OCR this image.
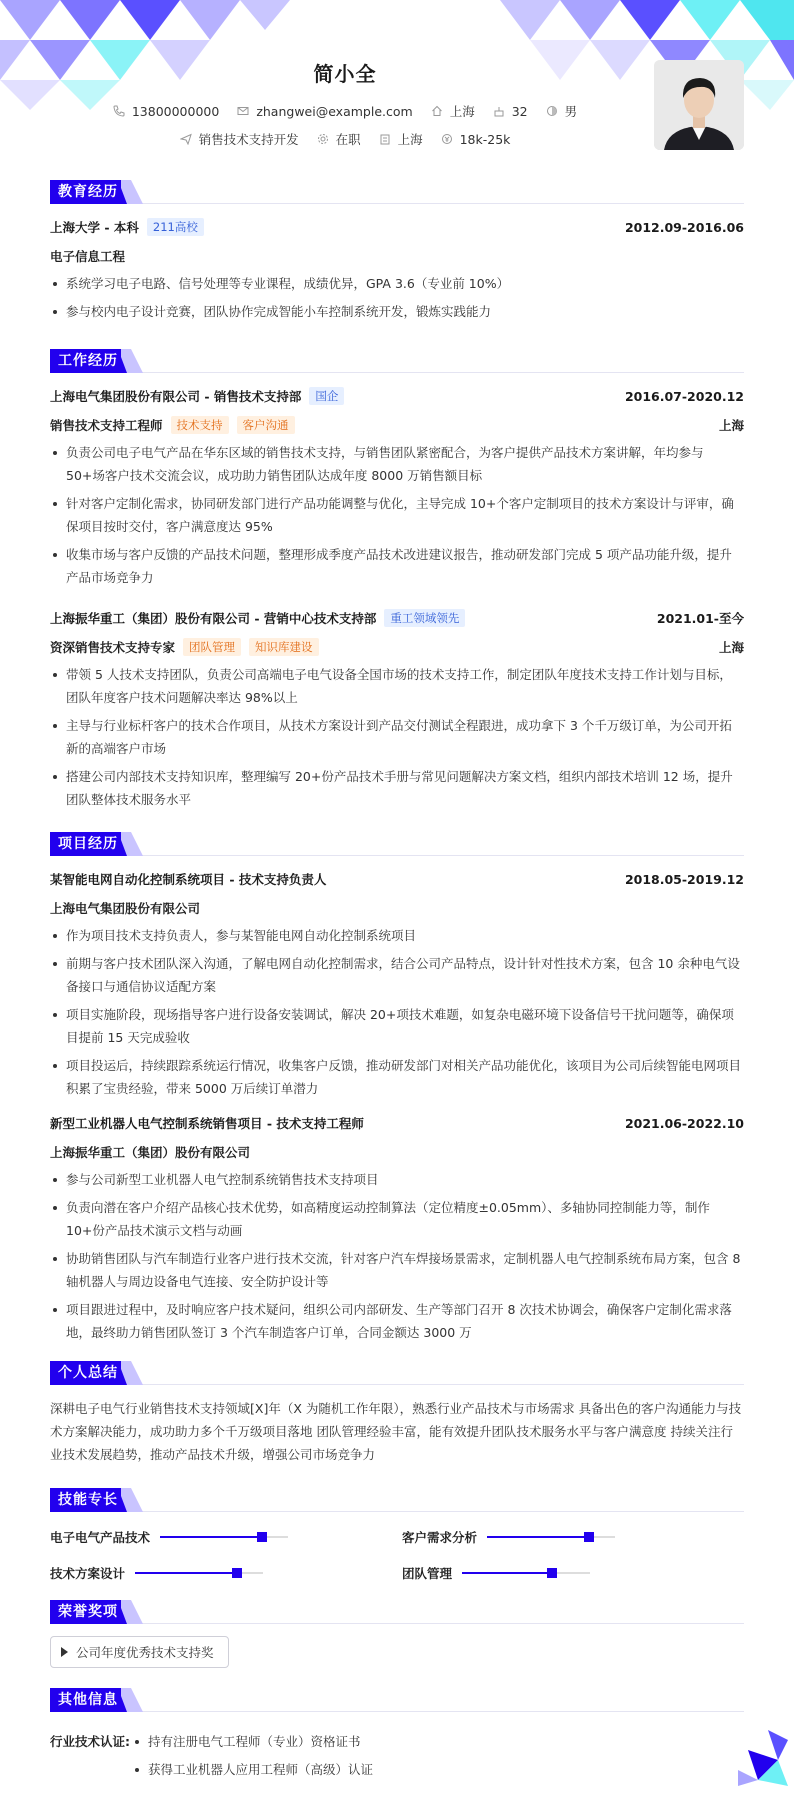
简小全
13800000000	zhangwei@example.com	上海	32	男
销售技术支持开发	在职	上海	18k-25k
教育经历
上海大学 - 本科	211高校	2012.09-2016.06
电子信息工程
系统学习电子电路、信号处理等专业课程，成绩优异，GPA 3.6（专业前 10%）
参与校内电子设计竞赛，团队协作完成智能小车控制系统开发，锻炼实践能力
工作经历
上海电气集团股份有限公司 - 销售技术支持部	国企	2016.07-2020.12
销售技术支持工程师	技术支持	客户沟通	上海
负责公司电子电气产品在华东区域的销售技术支持，与销售团队紧密配合，为客户提供产品技术方案讲解，年均参与 50+场客户技术交流会议，成功助力销售团队达成年度 8000 万销售额目标
针对客户定制化需求，协同研发部门进行产品功能调整与优化，主导完成 10+个客户定制项目的技术方案设计与评审，确保项目按时交付，客户满意度达 95%
收集市场与客户反馈的产品技术问题，整理形成季度产品技术改进建议报告，推动研发部门完成 5 项产品功能升级，提升产品市场竞争力
上海振华重工（集团）股份有限公司 - 营销中心技术支持部	重工领域领先	2021.01-至今
资深销售技术支持专家	团队管理	知识库建设	上海
带领 5 人技术支持团队，负责公司高端电子电气设备全国市场的技术支持工作，制定团队年度技术支持工作计划与目标，团队年度客户技术问题解决率达 98%以上
主导与行业标杆客户的技术合作项目，从技术方案设计到产品交付测试全程跟进，成功拿下 3 个千万级订单，为公司开拓新的高端客户市场
搭建公司内部技术支持知识库，整理编写 20+份产品技术手册与常见问题解决方案文档，组织内部技术培训 12 场，提升团队整体技术服务水平
项目经历
某智能电网自动化控制系统项目 - 技术支持负责人	2018.05-2019.12
上海电气集团股份有限公司
作为项目技术支持负责人，参与某智能电网自动化控制系统项目
前期与客户技术团队深入沟通，了解电网自动化控制需求，结合公司产品特点，设计针对性技术方案，包含 10 余种电气设备接口与通信协议适配方案
项目实施阶段，现场指导客户进行设备安装调试，解决 20+项技术难题，如复杂电磁环境下设备信号干扰问题等，确保项目提前 15 天完成验收
项目投运后，持续跟踪系统运行情况，收集客户反馈，推动研发部门对相关产品功能优化，该项目为公司后续智能电网项目积累了宝贵经验，带来 5000 万后续订单潜力
新型工业机器人电气控制系统销售项目 - 技术支持工程师	2021.06-2022.10
上海振华重工（集团）股份有限公司
参与公司新型工业机器人电气控制系统销售技术支持项目
负责向潜在客户介绍产品核心技术优势，如高精度运动控制算法（定位精度±0.05mm）、多轴协同控制能力等，制作 10+份产品技术演示文档与动画
协助销售团队与汽车制造行业客户进行技术交流，针对客户汽车焊接场景需求，定制机器人电气控制系统布局方案，包含 8 轴机器人与周边设备电气连接、安全防护设计等
项目跟进过程中，及时响应客户技术疑问，组织公司内部研发、生产等部门召开 8 次技术协调会，确保客户定制化需求落地，最终助力销售团队签订 3 个汽车制造客户订单，合同金额达 3000 万
个人总结
深耕电子电气行业销售技术支持领域[X]年（X 为随机工作年限），熟悉行业产品技术与市场需求 具备出色的客户沟通能力与技术方案解决能力，成功助力多个千万级项目落地 团队管理经验丰富，能有效提升团队技术服务水平与客户满意度 持续关注行业技术发展趋势，推动产品技术升级，增强公司市场竞争力
技能专长
电子电气产品技术	客户需求分析
技术方案设计	团队管理
荣誉奖项
公司年度优秀技术支持奖
其他信息
行业技术认证:	持有注册电气工程师（专业）资格证书
获得工业机器人应用工程师（高级）认证
